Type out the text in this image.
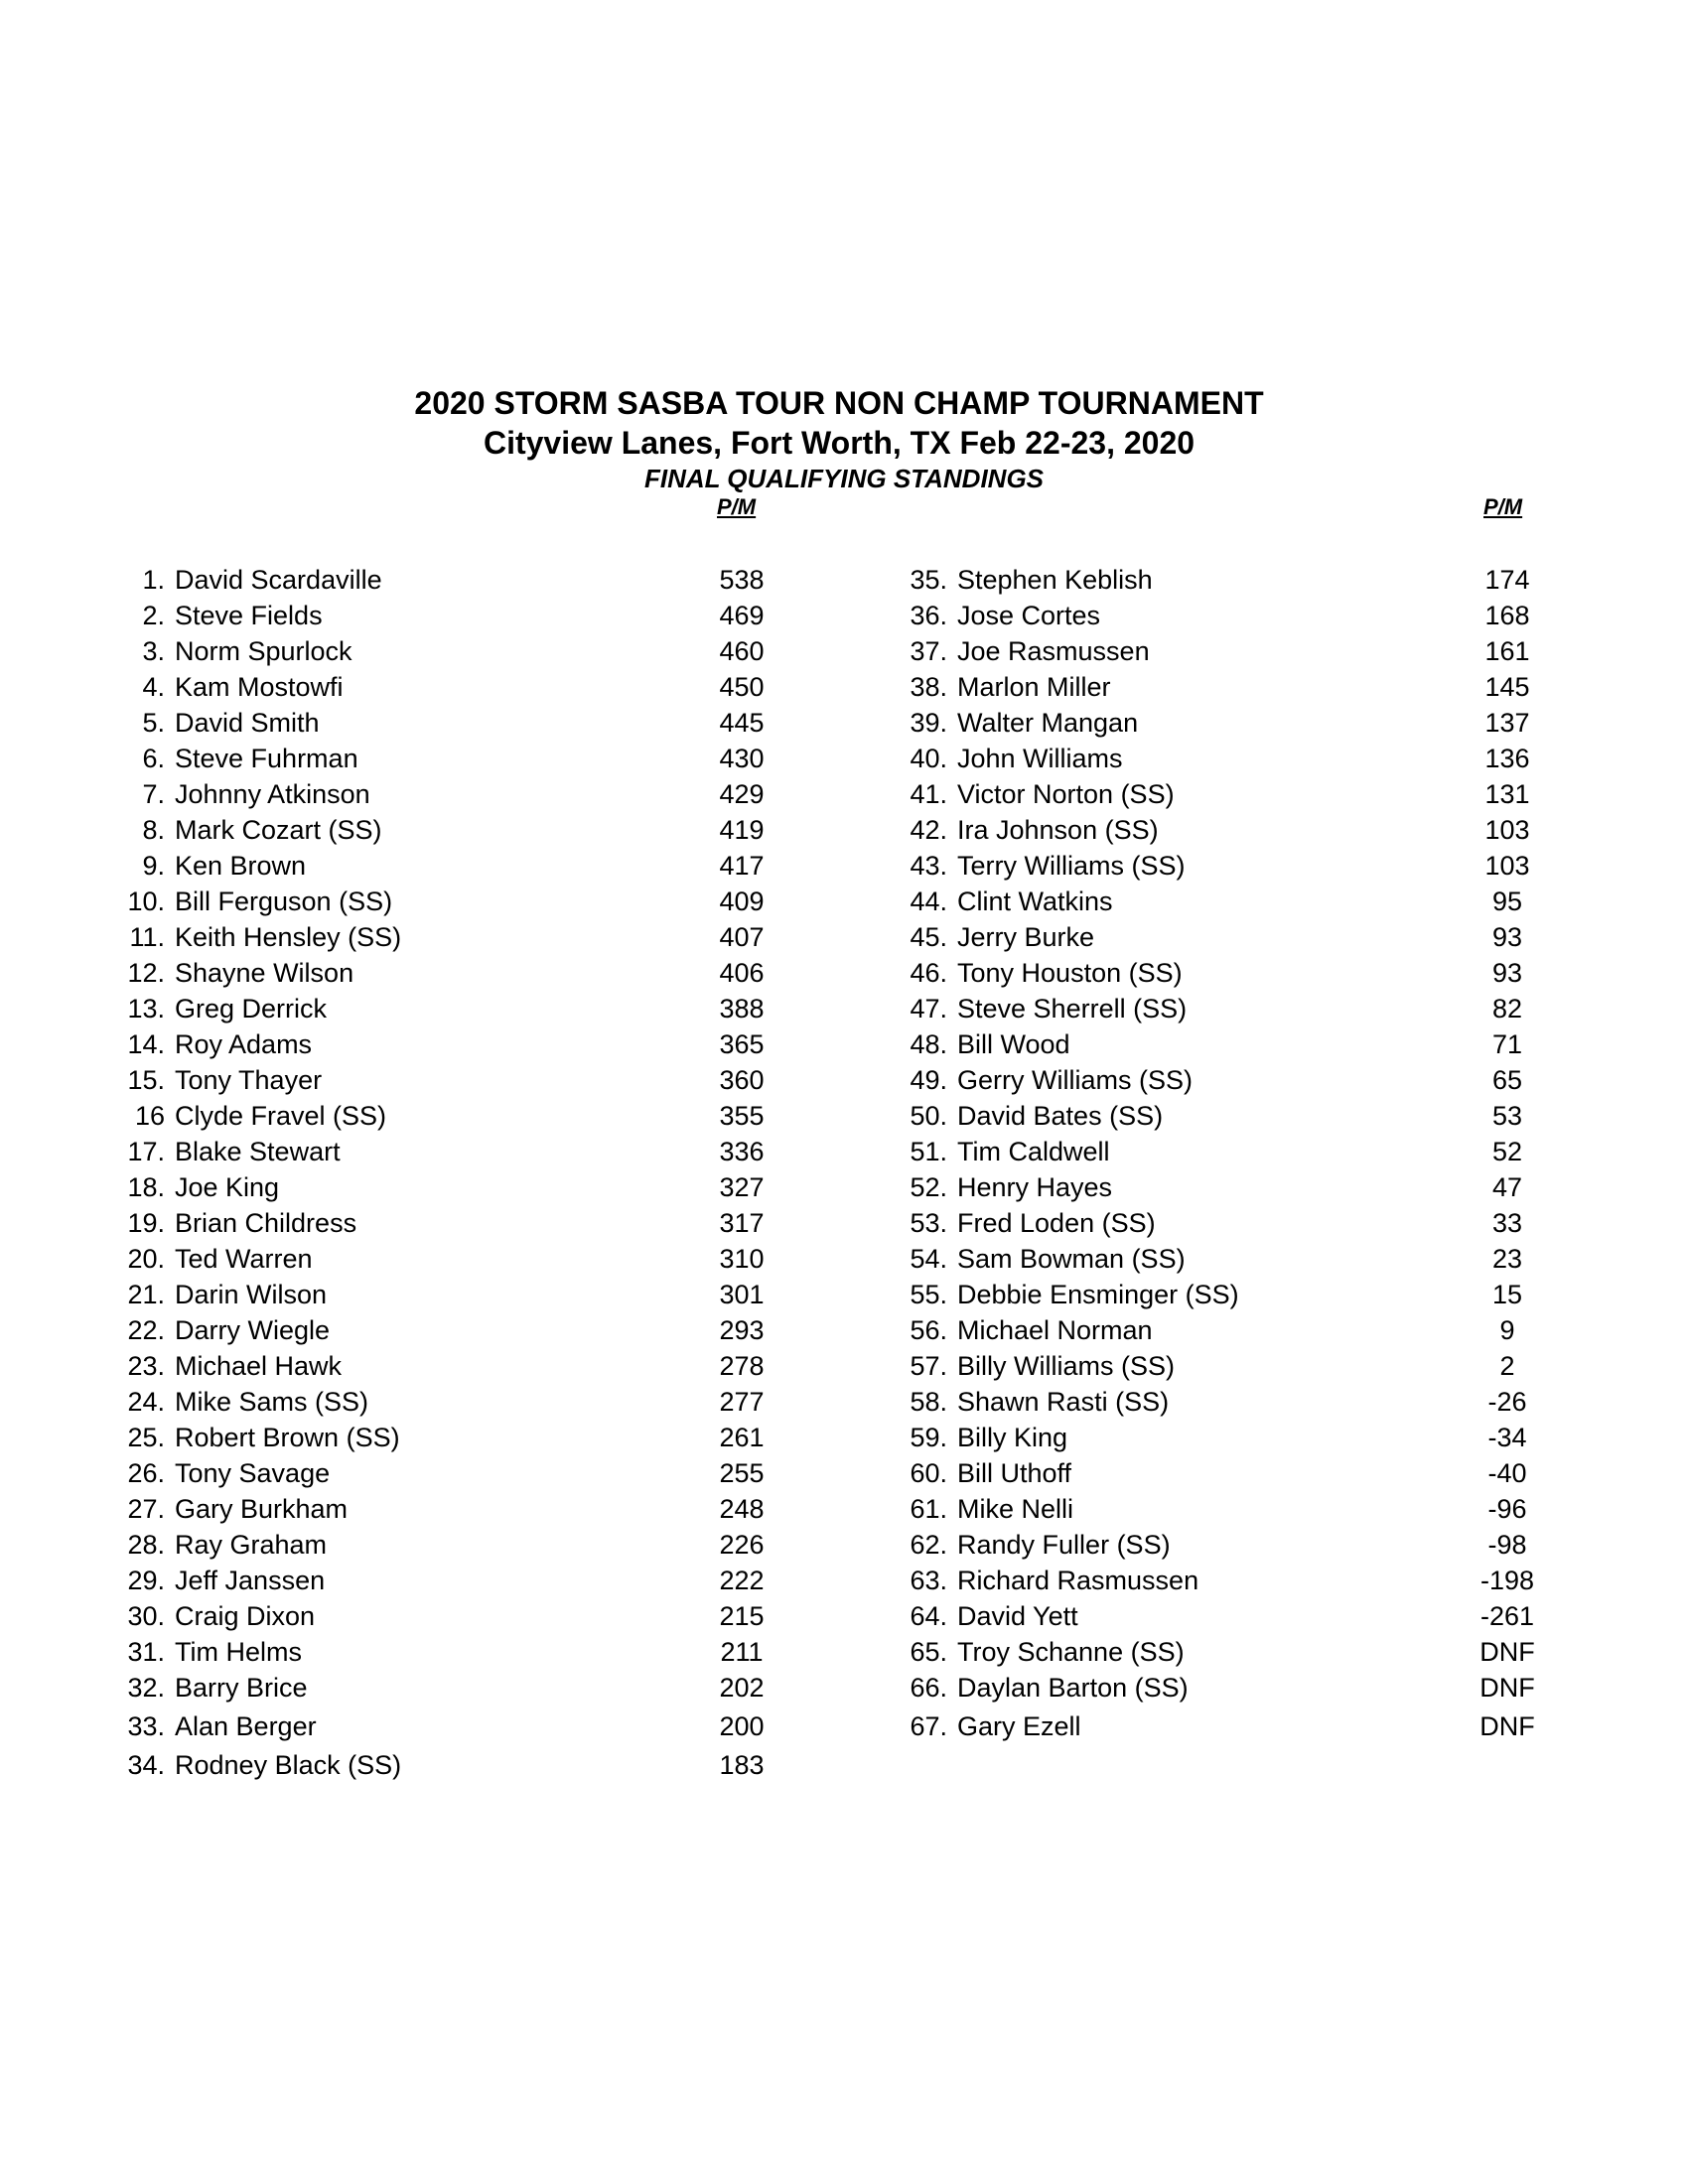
2020 STORM SASBA TOUR NON CHAMP TOURNAMENT
Cityview Lanes, Fort Worth, TX Feb 22-23, 2020
FINAL QUALIFYING STANDINGS
P/M	P/M
1. David Scardaville	538
2. Steve Fields	469
3. Norm Spurlock	460
4. Kam Mostowfi	450
5. David Smith	445
6. Steve Fuhrman	430
7. Johnny Atkinson	429
8. Mark Cozart (SS)	419
9. Ken Brown	417
10. Bill Ferguson (SS)	409
11. Keith Hensley (SS)	407
12. Shayne Wilson	406
13. Greg Derrick	388
14. Roy Adams	365
15. Tony Thayer	360
16 Clyde Fravel (SS)	355
17. Blake Stewart	336
18. Joe King	327
19. Brian Childress	317
20. Ted Warren	310
21. Darin Wilson	301
22. Darry Wiegle	293
23. Michael Hawk	278
24. Mike Sams (SS)	277
25. Robert Brown (SS)	261
26. Tony Savage	255
27. Gary Burkham	248
28. Ray Graham	226
29. Jeff Janssen	222
30. Craig Dixon	215
31. Tim Helms	211
32. Barry Brice	202
33. Alan Berger	200
34. Rodney Black (SS)	183
35. Stephen Keblish	174
36. Jose Cortes	168
37. Joe Rasmussen	161
38. Marlon Miller	145
39. Walter Mangan	137
40. John Williams	136
41. Victor Norton (SS)	131
42. Ira Johnson (SS)	103
43. Terry Williams (SS)	103
44. Clint Watkins	95
45. Jerry Burke	93
46. Tony Houston (SS)	93
47. Steve Sherrell (SS)	82
48. Bill Wood	71
49. Gerry Williams (SS)	65
50. David Bates (SS)	53
51. Tim Caldwell	52
52. Henry Hayes	47
53. Fred Loden (SS)	33
54. Sam Bowman (SS)	23
55. Debbie Ensminger (SS)	15
56. Michael Norman	9
57. Billy Williams (SS)	2
58. Shawn Rasti (SS)	-26
59. Billy King	-34
60. Bill Uthoff	-40
61. Mike Nelli	-96
62. Randy Fuller (SS)	-98
63. Richard Rasmussen	-198
64. David Yett	-261
65. Troy Schanne (SS)	DNF
66. Daylan Barton (SS)	DNF
67. Gary Ezell	DNF
